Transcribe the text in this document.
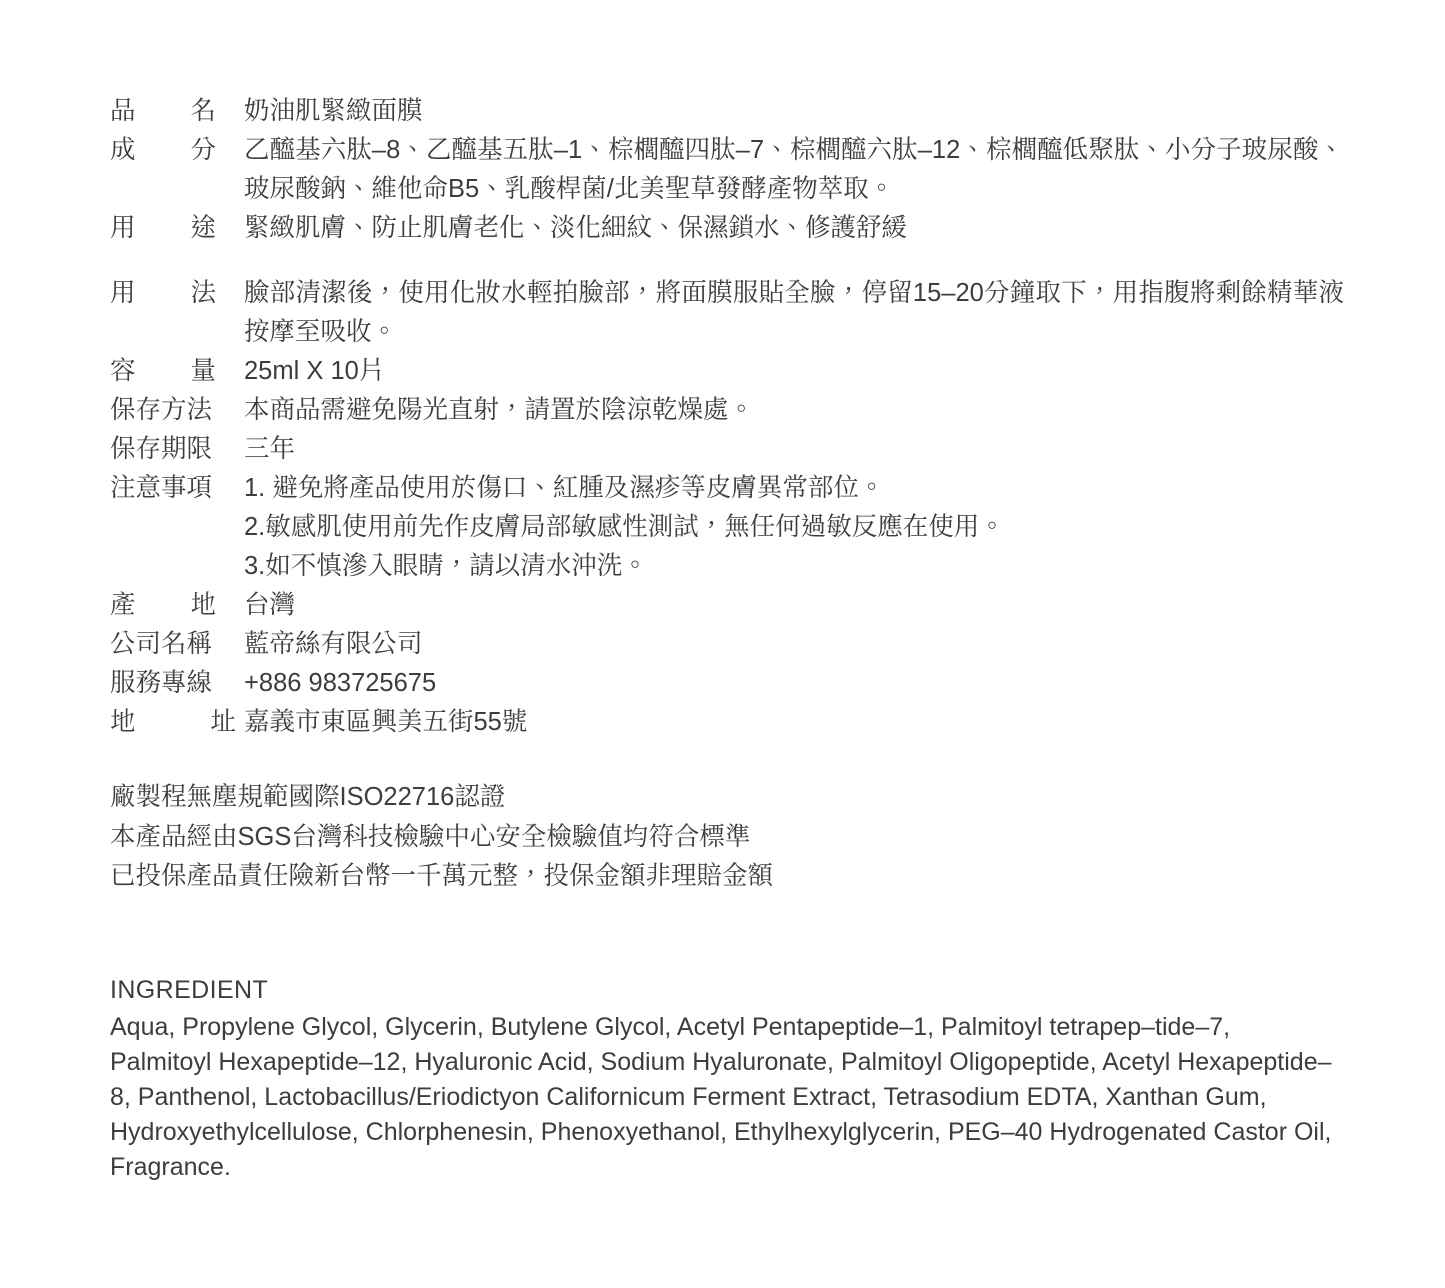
品 名 奶油肌緊緻面膜
成 分 乙醯基六肽–8、乙醯基五肽–1、棕櫚醯四肽–7、棕櫚醯六肽–12、棕櫚醯低聚肽、小分子玻尿酸、玻尿酸鈉、維他命B5、乳酸桿菌/北美聖草發酵產物萃取。
用 途 緊緻肌膚、防止肌膚老化、淡化細紋、保濕鎖水、修護舒緩
用 法 臉部清潔後，使用化妝水輕拍臉部，將面膜服貼全臉，停留15–20分鐘取下，用指腹將剩餘精華液按摩至吸收。
容 量 25ml X 10片
保存方法	本商品需避免陽光直射，請置於陰涼乾燥處。
保存期限	三年
注意事項	1. 避免將產品使用於傷口、紅腫及濕疹等皮膚異常部位。
2.敏感肌使用前先作皮膚局部敏感性測試，無任何過敏反應在使用。
3.如不慎滲入眼睛，請以清水沖洗。
產 地 台灣
公司名稱	藍帝絲有限公司
服務專線	+886 983725675
地	址 嘉義市東區興美五街55號
廠製程無塵規範國際ISO22716認證
本產品經由SGS台灣科技檢驗中心安全檢驗值均符合標準
已投保產品責任險新台幣一千萬元整，投保金額非理賠金額
INGREDIENT
Aqua, Propylene Glycol, Glycerin, Butylene Glycol, Acetyl Pentapeptide–1, Palmitoyl tetrapep–tide–7, Palmitoyl Hexapeptide–12, Hyaluronic Acid, Sodium Hyaluronate, Palmitoyl Oligopeptide, Acetyl Hexapeptide–8, Panthenol, Lactobacillus/Eriodictyon Californicum Ferment Extract, Tetrasodium EDTA, Xanthan Gum, Hydroxyethylcellulose, Chlorphenesin, Phenoxyethanol, Ethylhexylglycerin, PEG–40 Hydrogenated Castor Oil, Fragrance.
